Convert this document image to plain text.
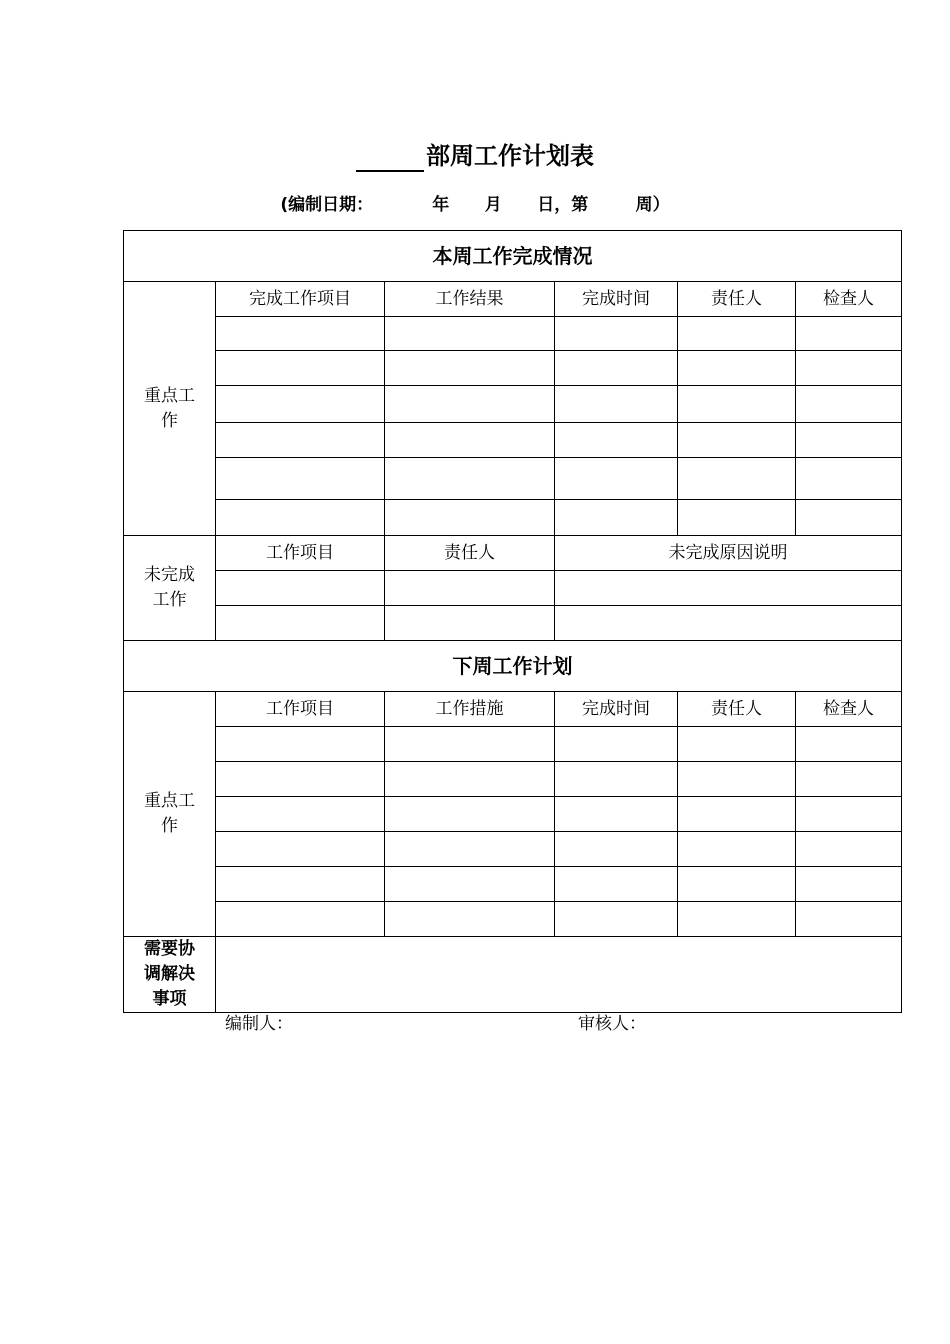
部周工作计划表
(编制日期：          年      月      日，第        周）
本周工作完成情况					

重点工
作	完成工作项目	工作结果	完成时间	责任人	检查人

未完成
工作	工作项目	责任人	未完成原因说明		

下周工作计划					

重点工
作	工作项目	工作措施	完成时间	责任人	检查人

需要协
调解决
事项					

编制人：	审核人：
